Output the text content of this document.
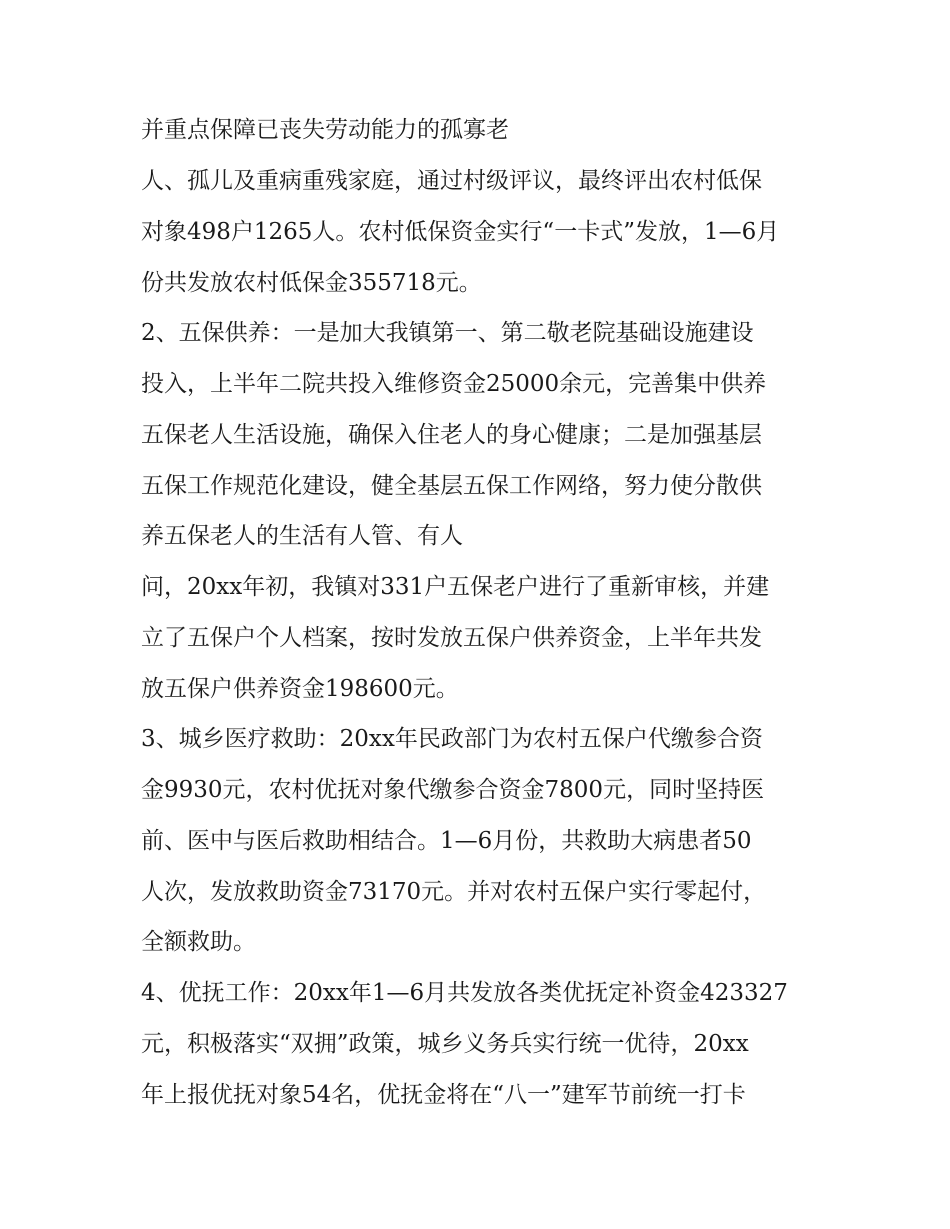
并重点保障已丧失劳动能力的孤寡老
人、孤儿及重病重残家庭，通过村级评议，最终评出农村低保
对象498户1265人。农村低保资金实行“一卡式”发放，1—6月
份共发放农村低保金355718元。
2、五保供养：一是加大我镇第一、第二敬老院基础设施建设
投入，上半年二院共投入维修资金25000余元，完善集中供养
五保老人生活设施，确保入住老人的身心健康；二是加强基层
五保工作规范化建设，健全基层五保工作网络，努力使分散供
养五保老人的生活有人管、有人
问，20xx年初，我镇对331户五保老户进行了重新审核，并建
立了五保户个人档案，按时发放五保户供养资金，上半年共发
放五保户供养资金198600元。
3、城乡医疗救助：20xx年民政部门为农村五保户代缴参合资
金9930元，农村优抚对象代缴参合资金7800元，同时坚持医
前、医中与医后救助相结合。1—6月份，共救助大病患者50
人次，发放救助资金73170元。并对农村五保户实行零起付，
全额救助。
4、优抚工作：20xx年1—6月共发放各类优抚定补资金423327
元，积极落实“双拥”政策，城乡义务兵实行统一优待，20xx
年上报优抚对象54名，优抚金将在“八一”建军节前统一打卡
